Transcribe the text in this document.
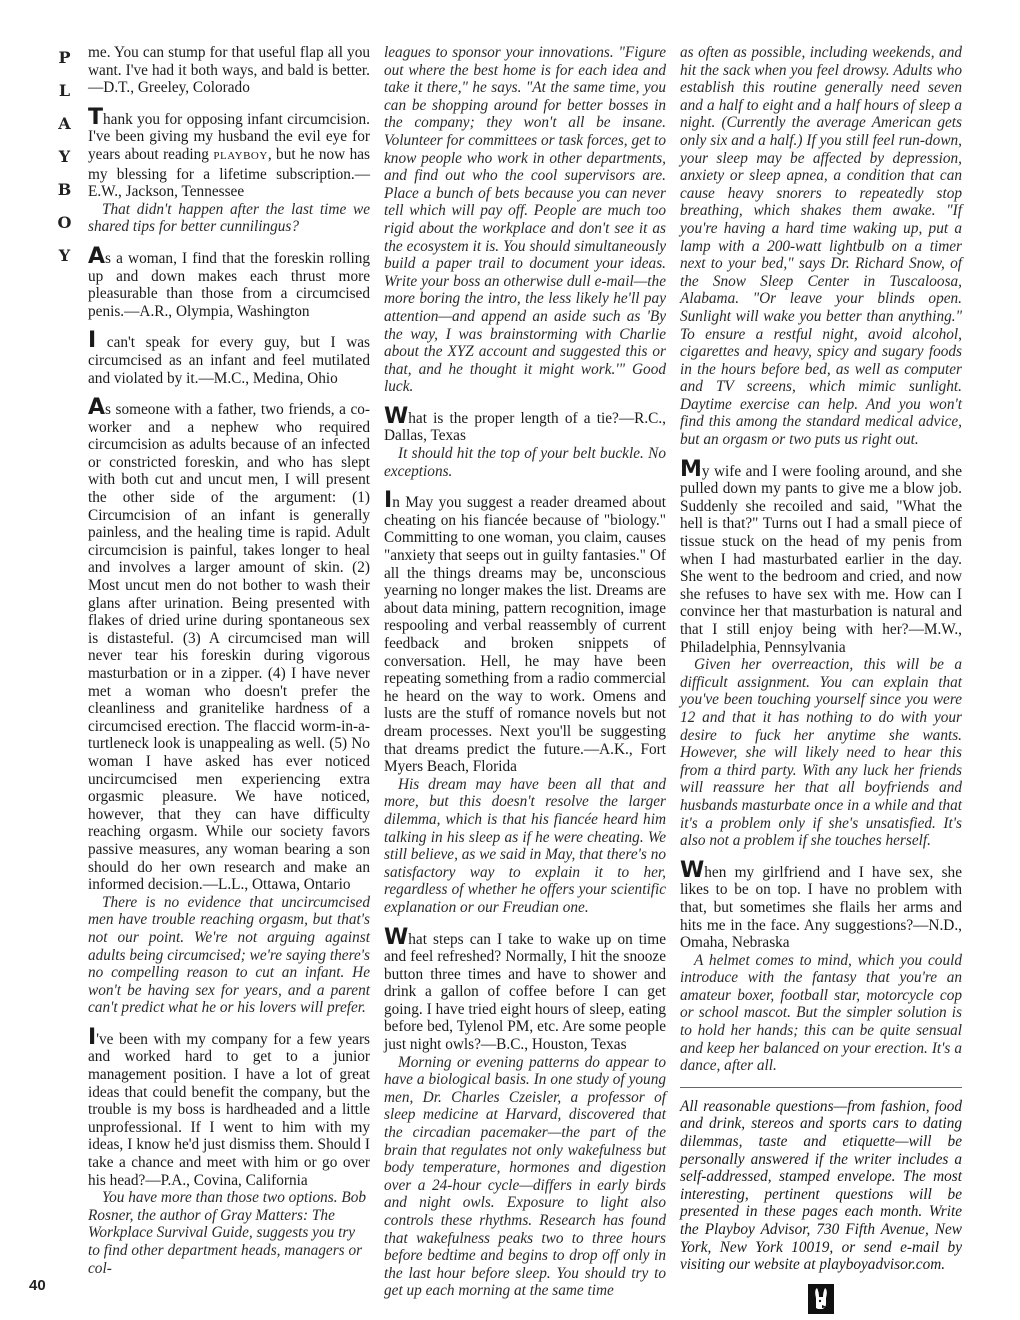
PLAYBOY me. You can stump for that useful flap all you want. I've had it both ways, and bald is better.—D.T., Greeley, Colorado

Thank you for opposing infant circumcision. I've been giving my husband the evil eye for years about reading PLAYBOY, but he now has my blessing for a lifetime subscription.—E.W., Jackson, Tennessee

That didn't happen after the last time we shared tips for better cunnilingus?

As a woman, I find that the foreskin rolling up and down makes each thrust more pleasurable than those from a circumcised penis.—A.R., Olympia, Washington

I can't speak for every guy, but I was circumcised as an infant and feel mutilated and violated by it.—M.C., Medina, Ohio

As someone with a father, two friends, a co-worker and a nephew who required circumcision as adults because of an infected or constricted foreskin, and who has slept with both cut and uncut men, I will present the other side of the argument: (1) Circumcision of an infant is generally painless, and the healing time is rapid. Adult circumcision is painful, takes longer to heal and involves a larger amount of skin. (2) Most uncut men do not bother to wash their glans after urination. Being presented with flakes of dried urine during spontaneous sex is distasteful. (3) A circumcised man will never tear his foreskin during vigorous masturbation or in a zipper. (4) I have never met a woman who doesn't prefer the cleanliness and granitelike hardness of a circumcised erection. The flaccid worm-in-a-turtleneck look is unappealing as well. (5) No woman I have asked has ever noticed uncircumcised men experiencing extra orgasmic pleasure. We have noticed, however, that they can have difficulty reaching orgasm. While our society favors passive measures, any woman bearing a son should do her own research and make an informed decision.—L.L., Ottawa, Ontario

There is no evidence that uncircumcised men have trouble reaching orgasm, but that's not our point. We're not arguing against adults being circumcised; we're saying there's no compelling reason to cut an infant. He won't be having sex for years, and a parent can't predict what he or his lovers will prefer.

I've been with my company for a few years and worked hard to get to a junior management position. I have a lot of great ideas that could benefit the company, but the trouble is my boss is hardheaded and a little unprofessional. If I went to him with my ideas, I know he'd just dismiss them. Should I take a chance and meet with him or go over his head?—P.A., Covina, California

You have more than those two options. Bob Rosner, the author of Gray Matters: The Workplace Survival Guide, suggests you try to find other department heads, managers or col-

leagues to sponsor your innovations. "Figure out where the best home is for each idea and take it there," he says. "At the same time, you can be shopping around for better bosses in the company; they won't all be insane. Volunteer for committees or task forces, get to know people who work in other departments, and find out who the cool supervisors are. Place a bunch of bets because you can never tell which will pay off. People are much too rigid about the workplace and don't see it as the ecosystem it is. You should simultaneously build a paper trail to document your ideas. Write your boss an otherwise dull e-mail—the more boring the intro, the less likely he'll pay attention—and append an aside such as 'By the way, I was brainstorming with Charlie about the XYZ account and suggested this or that, and he thought it might work.'" Good luck.

What is the proper length of a tie?—R.C., Dallas, Texas

It should hit the top of your belt buckle. No exceptions.

In May you suggest a reader dreamed about cheating on his fiancée because of "biology." Committing to one woman, you claim, causes "anxiety that seeps out in guilty fantasies." Of all the things dreams may be, unconscious yearning no longer makes the list. Dreams are about data mining, pattern recognition, image respooling and verbal reassembly of current feedback and broken snippets of conversation. Hell, he may have been repeating something from a radio commercial he heard on the way to work. Omens and lusts are the stuff of romance novels but not dream processes. Next you'll be suggesting that dreams predict the future.—A.K., Fort Myers Beach, Florida

His dream may have been all that and more, but this doesn't resolve the larger dilemma, which is that his fiancée heard him talking in his sleep as if he were cheating. We still believe, as we said in May, that there's no satisfactory way to explain it to her, regardless of whether he offers your scientific explanation or our Freudian one.

What steps can I take to wake up on time and feel refreshed? Normally, I hit the snooze button three times and have to shower and drink a gallon of coffee before I can get going. I have tried eight hours of sleep, eating before bed, Tylenol PM, etc. Are some people just night owls?—B.C., Houston, Texas

Morning or evening patterns do appear to have a biological basis. In one study of young men, Dr. Charles Czeisler, a professor of sleep medicine at Harvard, discovered that the circadian pacemaker—the part of the brain that regulates not only wakefulness but body temperature, hormones and digestion over a 24-hour cycle—differs in early birds and night owls. Exposure to light also controls these rhythms. Research has found that wakefulness peaks two to three hours before bedtime and begins to drop off only in the last hour before sleep. You should try to get up each morning at the same time

as often as possible, including weekends, and hit the sack when you feel drowsy. Adults who establish this routine generally need seven and a half to eight and a half hours of sleep a night. (Currently the average American gets only six and a half.) If you still feel run-down, your sleep may be affected by depression, anxiety or sleep apnea, a condition that can cause heavy snorers to repeatedly stop breathing, which shakes them awake. "If you're having a hard time waking up, put a lamp with a 200-watt lightbulb on a timer next to your bed," says Dr. Richard Snow, of the Snow Sleep Center in Tuscaloosa, Alabama. "Or leave your blinds open. Sunlight will wake you better than anything." To ensure a restful night, avoid alcohol, cigarettes and heavy, spicy and sugary foods in the hours before bed, as well as computer and TV screens, which mimic sunlight. Daytime exercise can help. And you won't find this among the standard medical advice, but an orgasm or two puts us right out.

My wife and I were fooling around, and she pulled down my pants to give me a blow job. Suddenly she recoiled and said, "What the hell is that?" Turns out I had a small piece of tissue stuck on the head of my penis from when I had masturbated earlier in the day. She went to the bedroom and cried, and now she refuses to have sex with me. How can I convince her that masturbation is natural and that I still enjoy being with her?—M.W., Philadelphia, Pennsylvania

Given her overreaction, this will be a difficult assignment. You can explain that you've been touching yourself since you were 12 and that it has nothing to do with your desire to fuck her anytime she wants. However, she will likely need to hear this from a third party. With any luck her friends will reassure her that all boyfriends and husbands masturbate once in a while and that it's a problem only if she's unsatisfied. It's also not a problem if she touches herself.

When my girlfriend and I have sex, she likes to be on top. I have no problem with that, but sometimes she flails her arms and hits me in the face. Any suggestions?—N.D., Omaha, Nebraska

A helmet comes to mind, which you could introduce with the fantasy that you're an amateur boxer, football star, motorcycle cop or school mascot. But the simpler solution is to hold her hands; this can be quite sensual and keep her balanced on your erection. It's a dance, after all.

All reasonable questions—from fashion, food and drink, stereos and sports cars to dating dilemmas, taste and etiquette—will be personally answered if the writer includes a self-addressed, stamped envelope. The most interesting, pertinent questions will be presented in these pages each month. Write the Playboy Advisor, 730 Fifth Avenue, New York, New York 10019, or send e-mail by visiting our website at playboyadvisor.com.

40
